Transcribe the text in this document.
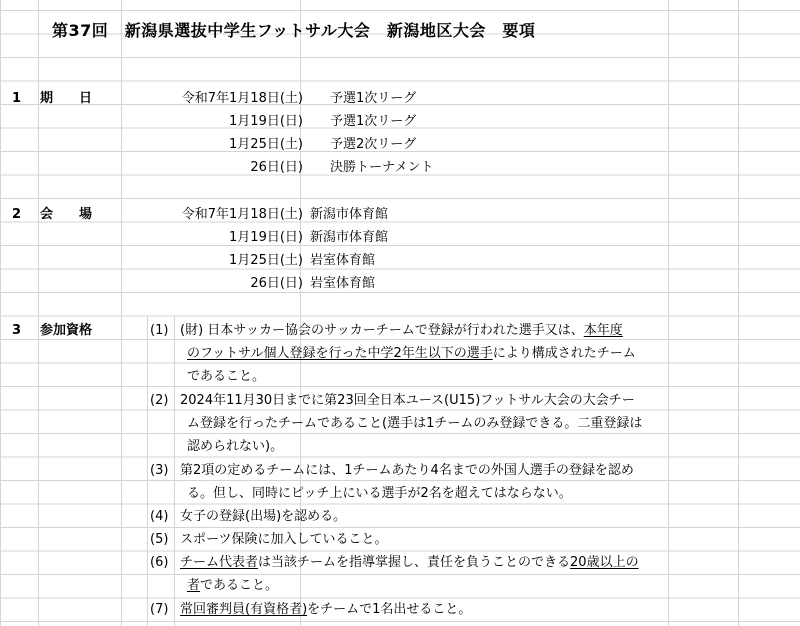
第37回　新潟県選抜中学生フットサル大会　新潟地区大会　要項
1 期　　日	令和7年1月18日(土) 予選1次リーグ
1月19日(日) 予選1次リーグ
1月25日(土) 予選2次リーグ
26日(日) 決勝トーナメント
2 会　　場	令和7年1月18日(土) 新潟市体育館
1月19日(日) 新潟市体育館
1月25日(土) 岩室体育館
26日(日) 岩室体育館
3 参加資格	(1) (財) 日本サッカー協会のサッカーチームで登録が行われた選手又は、本年度
のフットサル個人登録を行った中学2年生以下の選手により構成されたチーム
であること。
(2) 2024年11月30日までに第23回全日本ユース(U15)フットサル大会の大会チー
ム登録を行ったチームであること(選手は1チームのみ登録できる。二重登録は
認められない)。
(3) 第2項の定めるチームには、1チームあたり4名までの外国人選手の登録を認め
る。但し、同時にピッチ上にいる選手が2名を超えてはならない。
(4) 女子の登録(出場)を認める。
(5) スポーツ保険に加入していること。
(6) チーム代表者は当該チームを指導掌握し、責任を負うことのできる20歳以上の
者であること。
(7) 常回審判員(有資格者)をチームで1名出せること。
